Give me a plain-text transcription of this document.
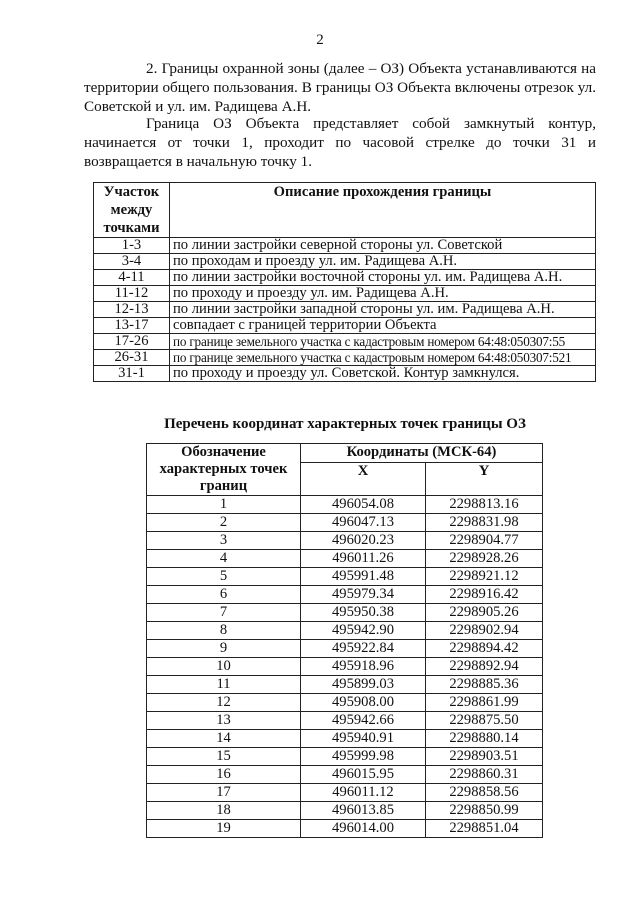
2

2. Границы охранной зоны (далее – ОЗ) Объекта устанавливаются на территории общего пользования. В границы ОЗ Объекта включены отрезок ул. Советской и ул. им. Радищева А.Н.

Граница ОЗ Объекта представляет собой замкнутый контур, начинается от точки 1, проходит по часовой стрелке до точки 31 и возвращается в начальную точку 1.

Участок между точками	Описание прохождения границы
1-3	по линии застройки северной стороны ул. Советской
3-4	по проходам и проезду ул. им. Радищева А.Н.
4-11	по линии застройки восточной стороны ул. им. Радищева А.Н.
11-12	по проходу и проезду ул. им. Радищева А.Н.
12-13	по линии застройки западной стороны ул. им. Радищева А.Н.
13-17	совпадает с границей территории Объекта
17-26	по границе земельного участка с кадастровым номером 64:48:050307:55
26-31	по границе земельного участка с кадастровым номером 64:48:050307:521
31-1	по проходу и проезду ул. Советской. Контур замкнулся.
Перечень координат характерных точек границы ОЗ
Обозначение характерных точек границ	Координаты (МСК-64)	
	X	Y
1	496054.08	2298813.16
2	496047.13	2298831.98
3	496020.23	2298904.77
4	496011.26	2298928.26
5	495991.48	2298921.12
6	495979.34	2298916.42
7	495950.38	2298905.26
8	495942.90	2298902.94
9	495922.84	2298894.42
10	495918.96	2298892.94
11	495899.03	2298885.36
12	495908.00	2298861.99
13	495942.66	2298875.50
14	495940.91	2298880.14
15	495999.98	2298903.51
16	496015.95	2298860.31
17	496011.12	2298858.56
18	496013.85	2298850.99
19	496014.00	2298851.04
